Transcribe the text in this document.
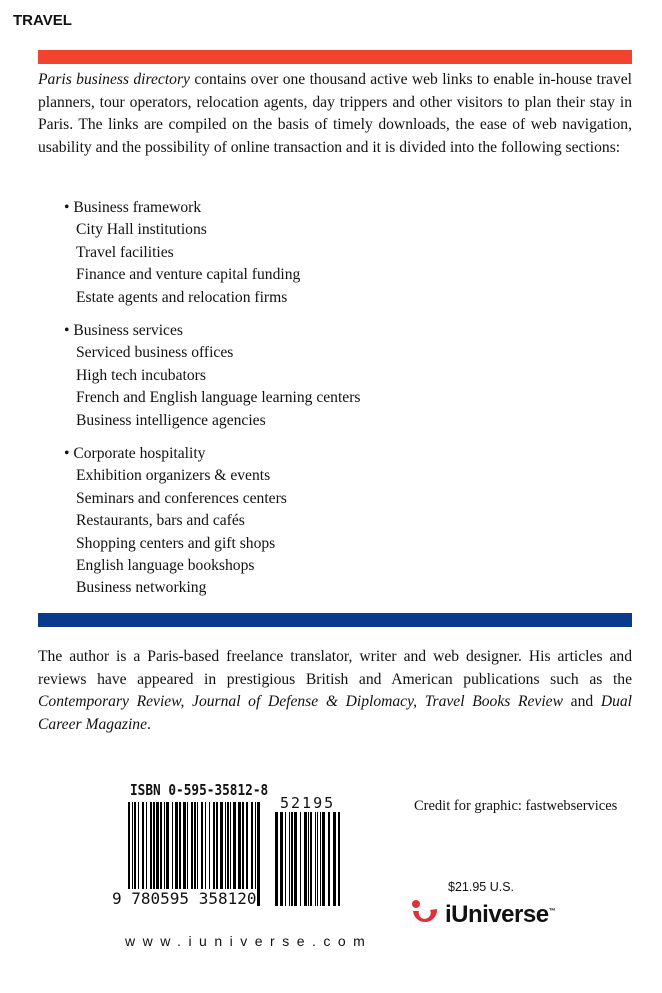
TRAVEL
Paris business directory contains over one thousand active web links to enable in-house travel planners, tour operators, relocation agents, day trippers and other visitors to plan their stay in Paris. The links are compiled on the basis of timely downloads, the ease of web navigation, usability and the possibility of online transaction and it is divided into the following sections:
• Business framework
City Hall institutions
Travel facilities
Finance and venture capital funding
Estate agents and relocation firms
• Business services
Serviced business offices
High tech incubators
French and English language learning centers
Business intelligence agencies
• Corporate hospitality
Exhibition organizers & events
Seminars and conferences centers
Restaurants, bars and cafés
Shopping centers and gift shops
English language bookshops
Business networking
The author is a Paris-based freelance translator, writer and web designer. His articles and reviews have appeared in prestigious British and American publications such as the Contemporary Review, Journal of Defense & Diplomacy, Travel Books Review and Dual Career Magazine.
ISBN 0-595-35812-8
52195
9 780595 358120
www.iuniverse.com
Credit for graphic: fastwebservices
$21.95 U.S.
iUniverse™
